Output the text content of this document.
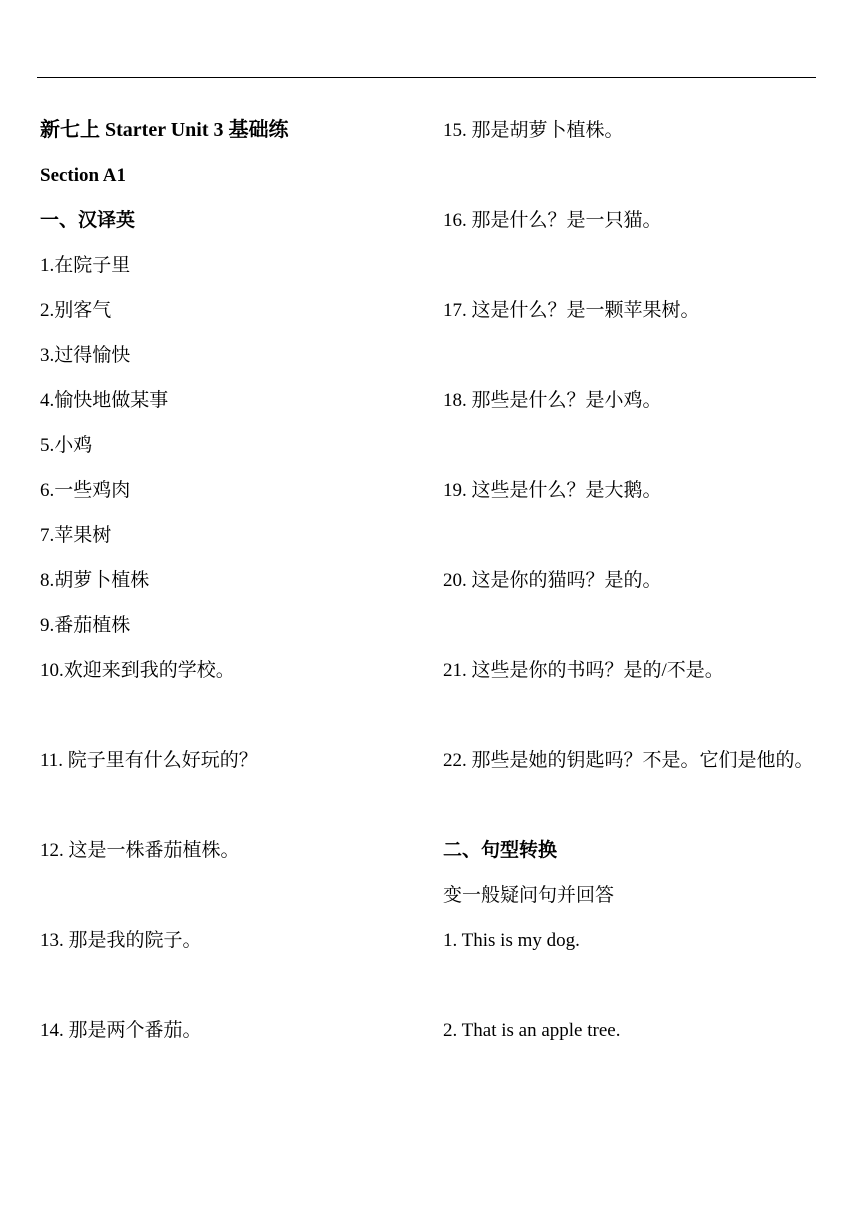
新七上 Starter Unit 3 基础练
Section A1
一、汉译英
1.在院子里
2.别客气
3.过得愉快
4.愉快地做某事
5.小鸡
6.一些鸡肉
7.苹果树
8.胡萝卜植株
9.番茄植株
10.欢迎来到我的学校。
11. 院子里有什么好玩的？
12. 这是一株番茄植株。
13. 那是我的院子。
14. 那是两个番茄。
15. 那是胡萝卜植株。
16. 那是什么？是一只猫。
17. 这是什么？是一颗苹果树。
18. 那些是什么？是小鸡。
19. 这些是什么？是大鹅。
20. 这是你的猫吗？是的。
21. 这些是你的书吗？是的/不是。
22. 那些是她的钥匙吗？不是。它们是他的。
二、句型转换
变一般疑问句并回答
1. This is my dog.
2. That is an apple tree.
